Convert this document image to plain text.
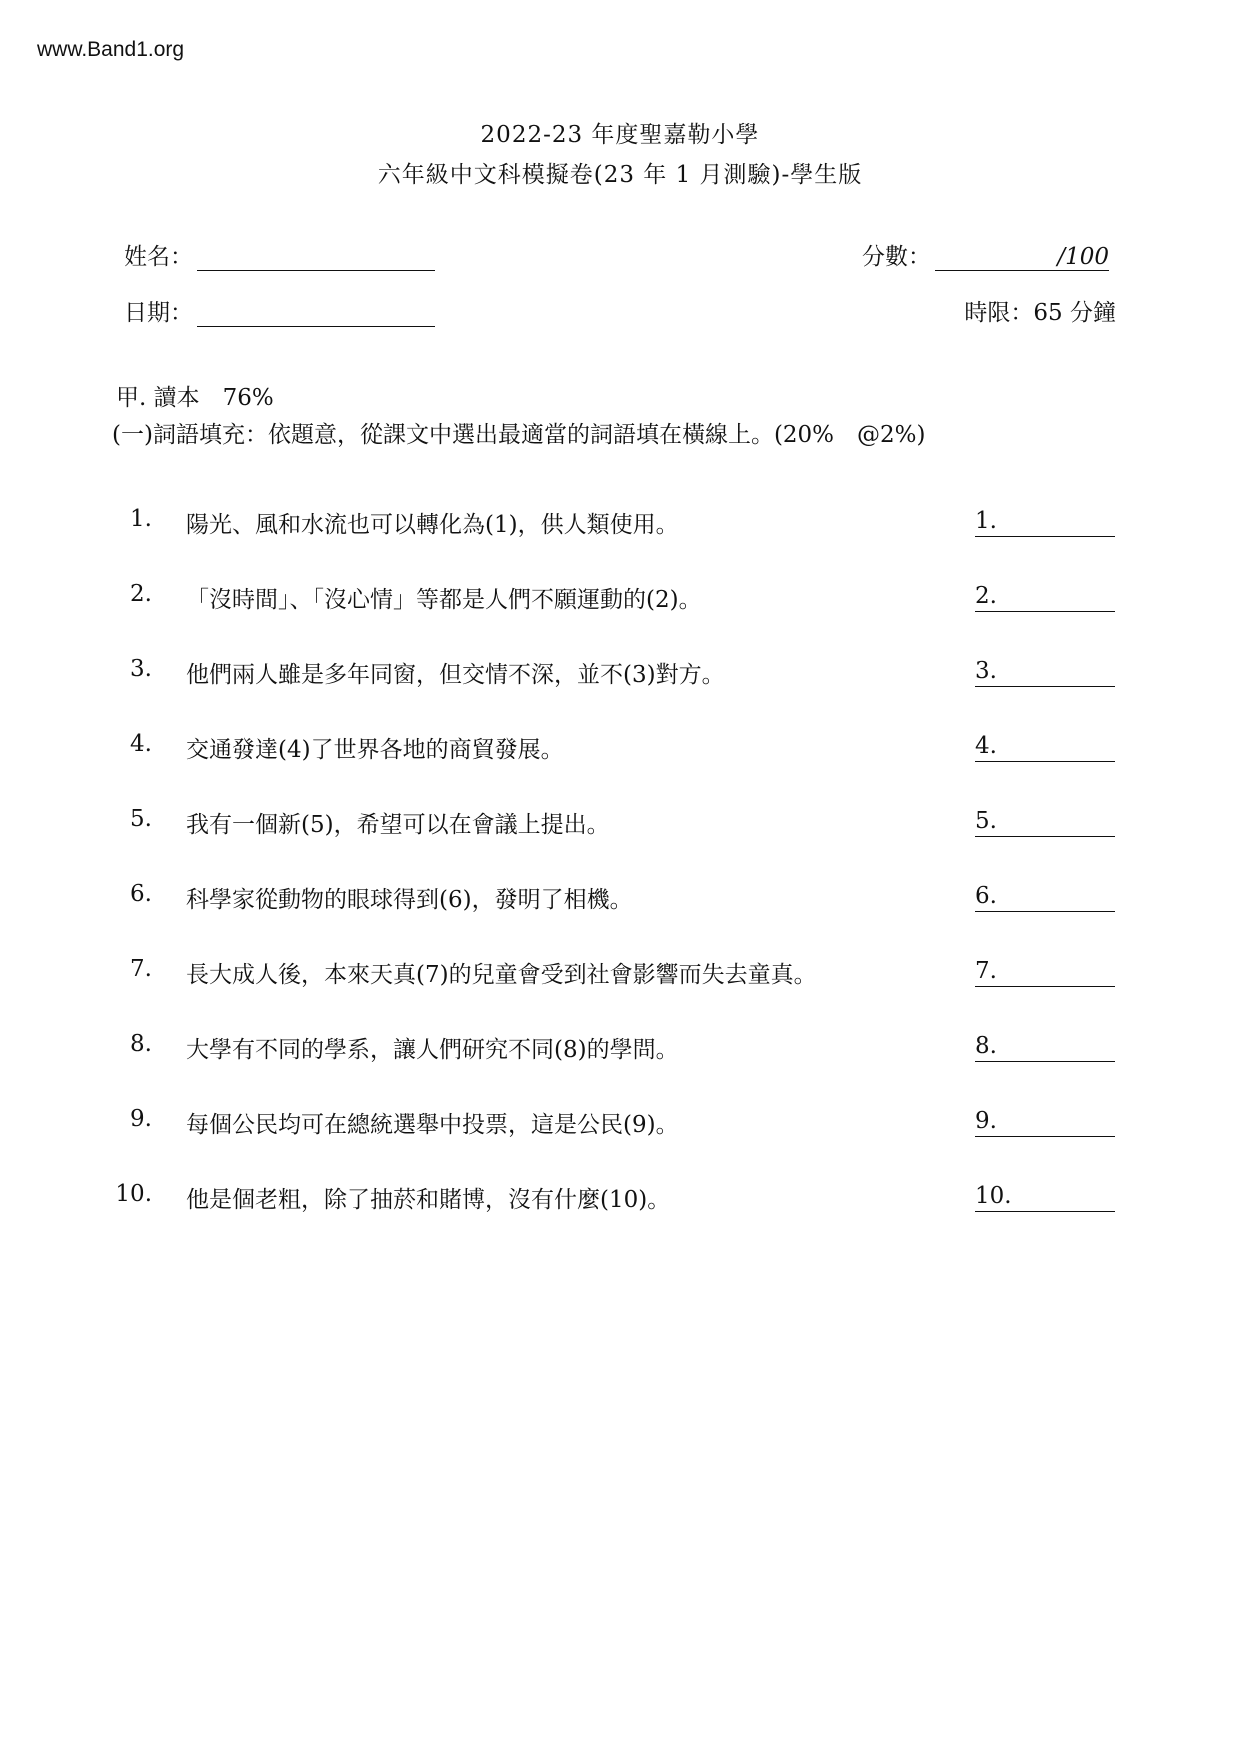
www.Band1.org
2022-23 年度聖嘉勒小學
六年級中文科模擬卷(23 年 1 月測驗)-學生版
姓名：
日期：
分數：	/100
時限：65 分鐘
甲. 讀本　76%
(一)詞語填充：依題意，從課文中選出最適當的詞語填在橫線上。(20%　@2%)
1. 陽光、風和水流也可以轉化為(1)，供人類使用。	1.
2. 「沒時間」、「沒心情」等都是人們不願運動的(2)。	2.
3. 他們兩人雖是多年同窗，但交情不深，並不(3)對方。	3.
4. 交通發達(4)了世界各地的商貿發展。	4.
5. 我有一個新(5)，希望可以在會議上提出。	5.
6. 科學家從動物的眼球得到(6)，發明了相機。	6.
7. 長大成人後，本來天真(7)的兒童會受到社會影響而失去童真。	7.
8. 大學有不同的學系，讓人們研究不同(8)的學問。	8.
9. 每個公民均可在總統選舉中投票，這是公民(9)。	9.
10. 他是個老粗，除了抽菸和賭博，沒有什麼(10)。	10.
